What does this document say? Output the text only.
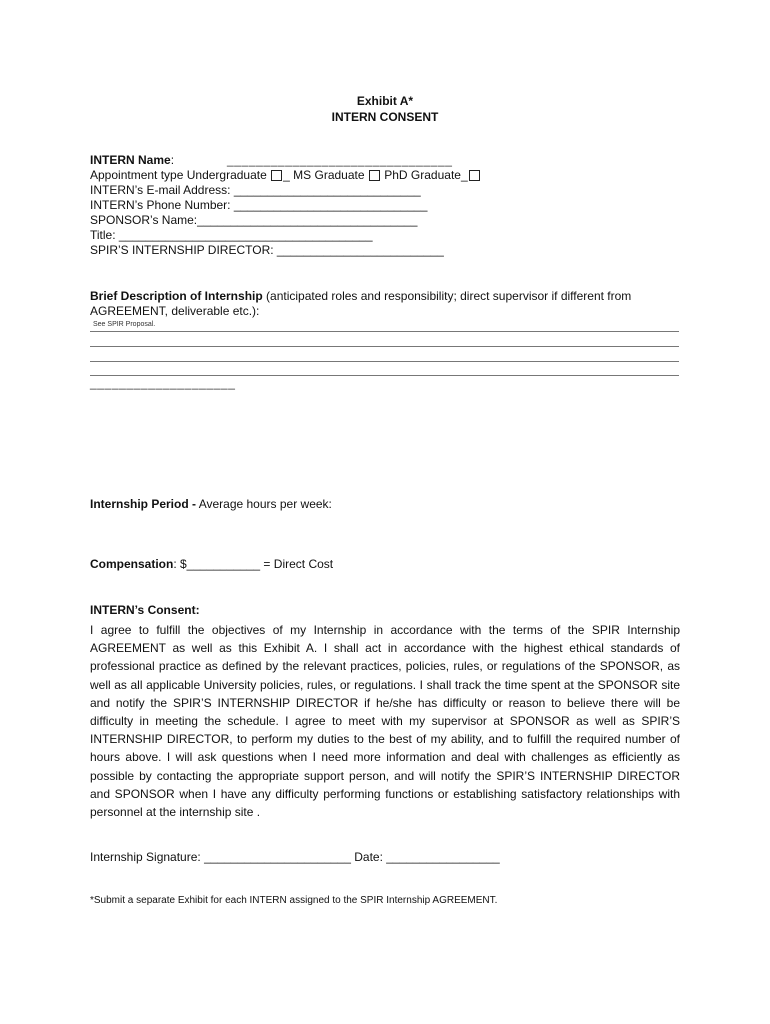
Exhibit A*
INTERN CONSENT
INTERN Name:	_______________________________
Appointment type Undergraduate _ MS Graduate PhD Graduate_
INTERN’s E-mail Address: ____________________________
INTERN’s Phone Number: _____________________________
SPONSOR’s Name:_________________________________
Title: ______________________________________
SPIR’S INTERNSHIP DIRECTOR: _________________________
Brief Description of Internship (anticipated roles and responsibility; direct supervisor if different from
AGREEMENT, deliverable etc.):
See SPIR Proposal.
____________________
Internship Period - Average hours per week:
Compensation: $___________ = Direct Cost
INTERN’s Consent:
I agree to fulfill the objectives of my Internship in accordance with the terms of the SPIR Internship AGREEMENT as well as this Exhibit A. I shall act in accordance with the highest ethical standards of professional practice as defined by the relevant practices, policies, rules, or regulations of the SPONSOR, as well as all applicable University policies, rules, or regulations. I shall track the time spent at the SPONSOR site and notify the SPIR’S INTERNSHIP DIRECTOR if he/she has difficulty or reason to believe there will be difficulty in meeting the schedule. I agree to meet with my supervisor at SPONSOR as well as SPIR’S INTERNSHIP DIRECTOR, to perform my duties to the best of my ability, and to fulfill the required number of hours above. I will ask questions when I need more information and deal with challenges as efficiently as possible by contacting the appropriate support person, and will notify the SPIR’S INTERNSHIP DIRECTOR and SPONSOR when I have any difficulty performing functions or establishing satisfactory relationships with personnel at the internship site .
Internship Signature: ______________________ Date: _________________
*Submit a separate Exhibit for each INTERN assigned to the SPIR Internship AGREEMENT.
